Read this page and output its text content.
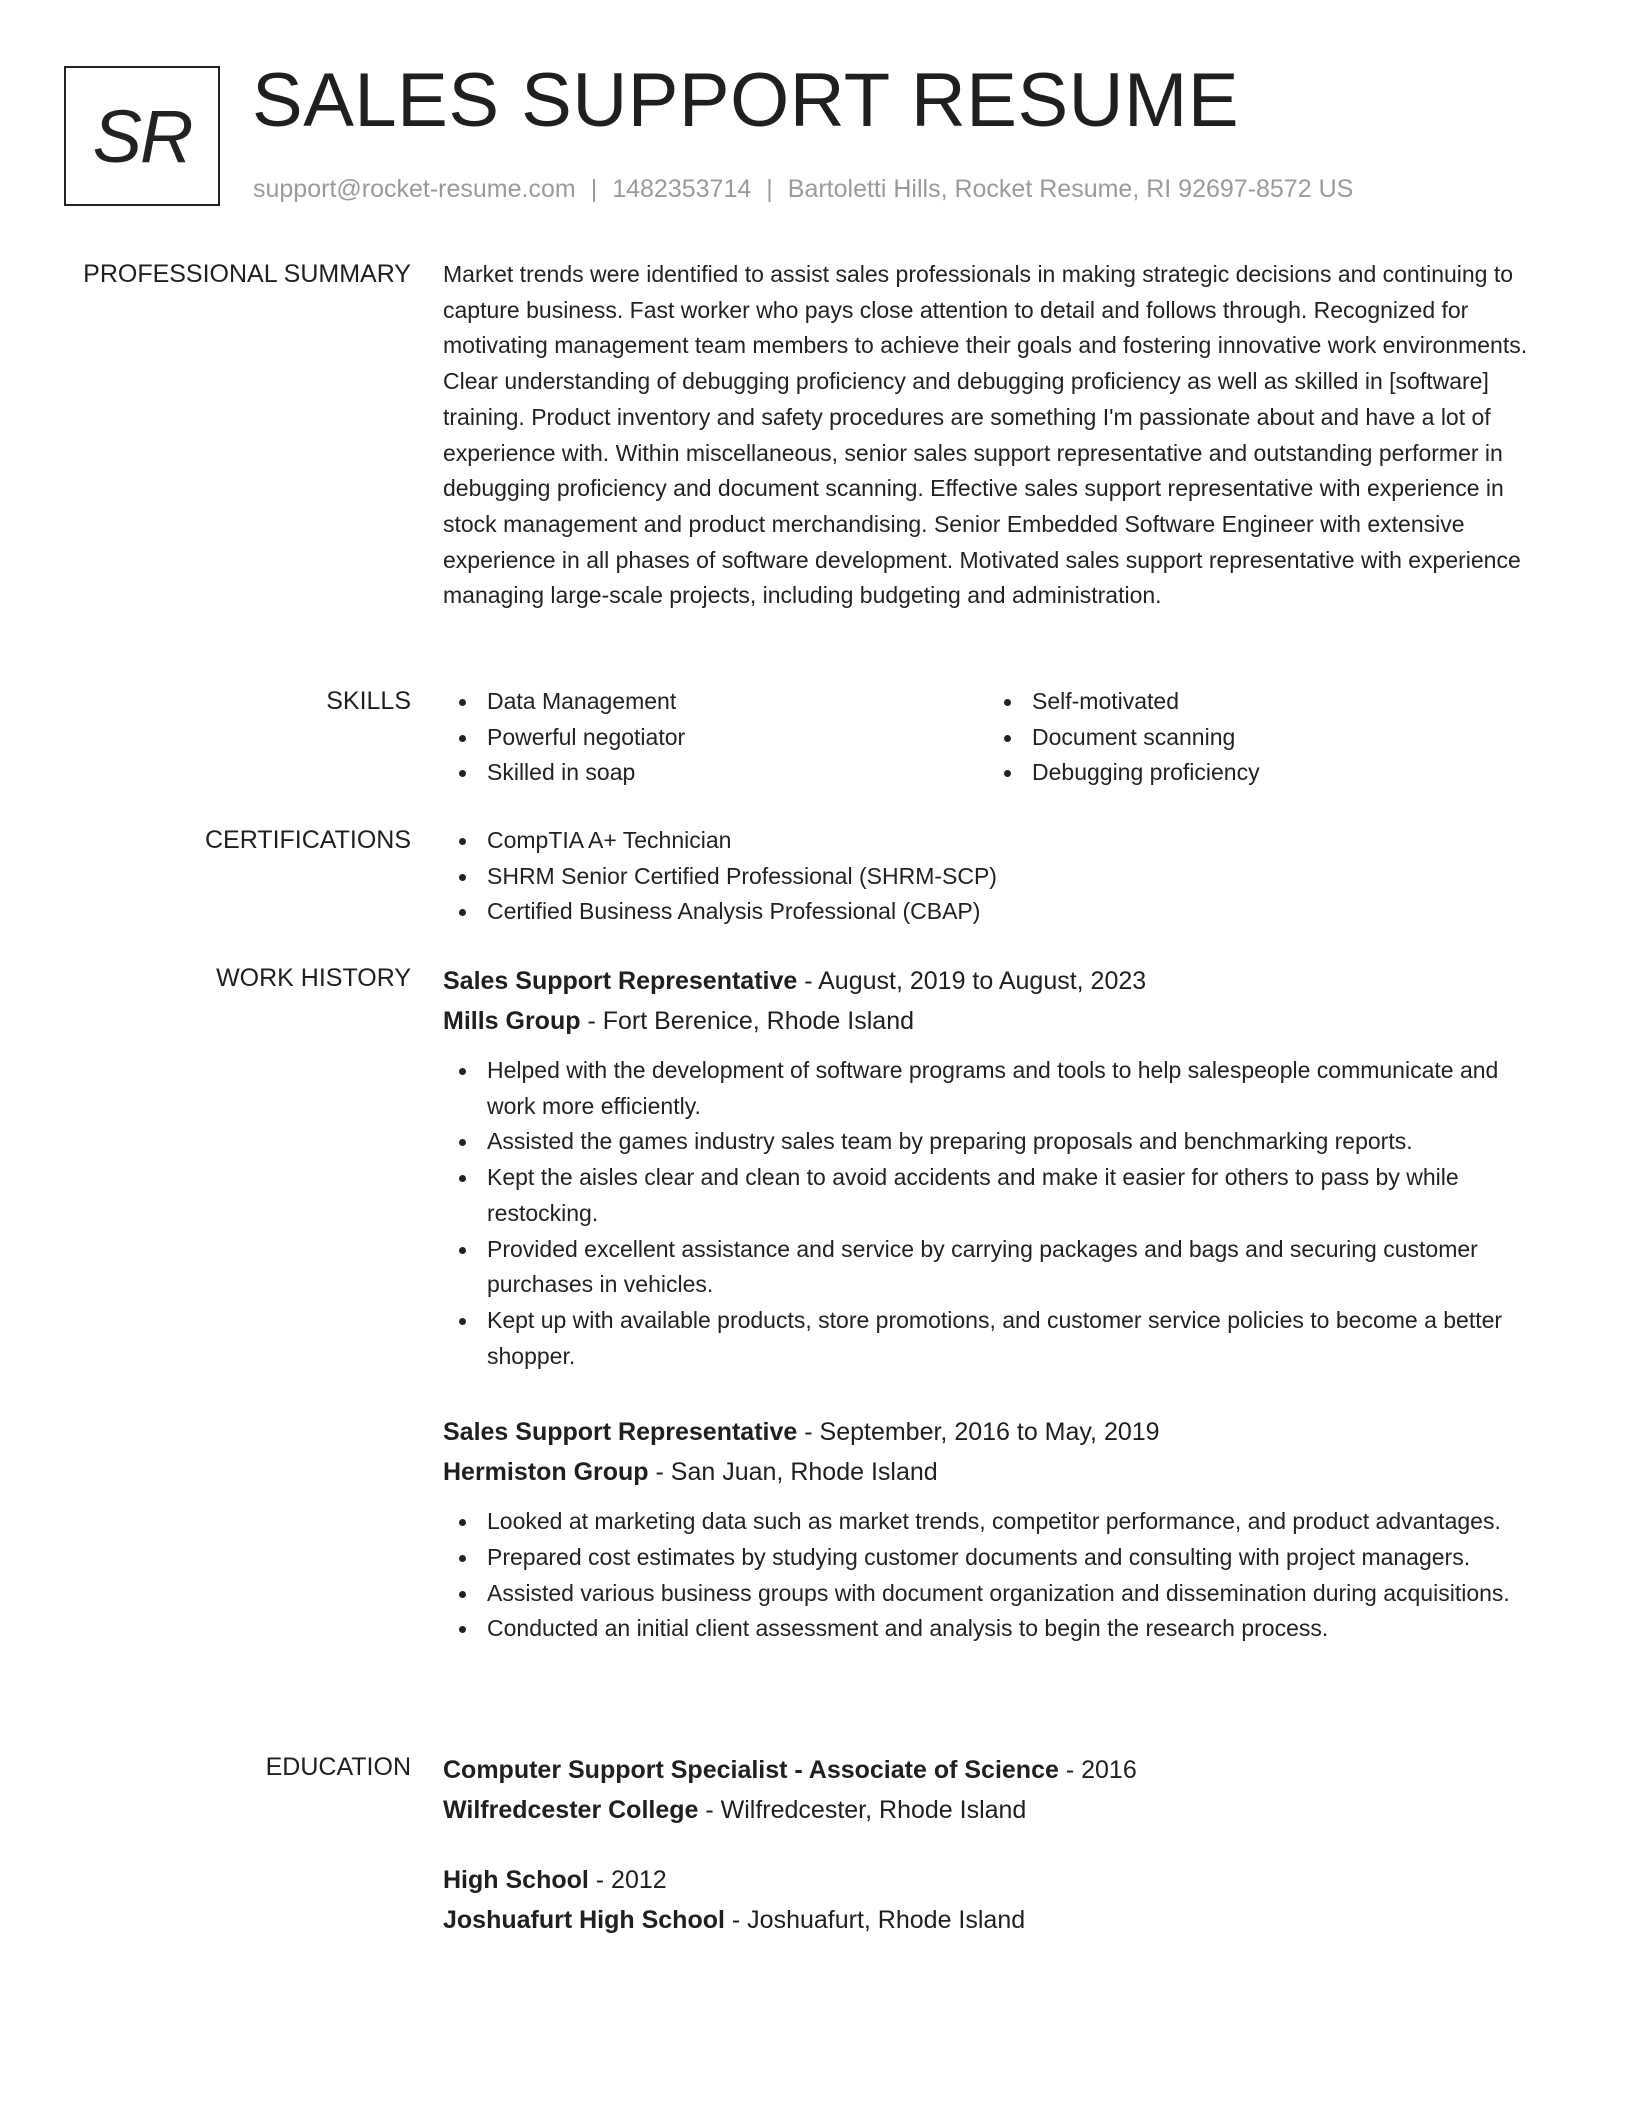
SR SALES SUPPORT RESUME
support@rocket-resume.com | 1482353714 | Bartoletti Hills, Rocket Resume, RI 92697-8572 US
PROFESSIONAL SUMMARY Market trends were identified to assist sales professionals in making strategic decisions and continuing to capture business. Fast worker who pays close attention to detail and follows through. Recognized for motivating management team members to achieve their goals and fostering innovative work environments. Clear understanding of debugging proficiency and debugging proficiency as well as skilled in [software] training. Product inventory and safety procedures are something I'm passionate about and have a lot of experience with. Within miscellaneous, senior sales support representative and outstanding performer in debugging proficiency and document scanning. Effective sales support representative with experience in stock management and product merchandising. Senior Embedded Software Engineer with extensive experience in all phases of software development. Motivated sales support representative with experience managing large-scale projects, including budgeting and administration.

SKILLS	Data Management
Powerful negotiator
Skilled in soap
Self-motivated
Document scanning
Debugging proficiency
CERTIFICATIONS	CompTIA A+ Technician
SHRM Senior Certified Professional (SHRM-SCP)
Certified Business Analysis Professional (CBAP)
WORK HISTORY Sales Support Representative - August, 2019 to August, 2023
Mills Group - Fort Berenice, Rhode Island
Helped with the development of software programs and tools to help salespeople communicate and work more efficiently.
Assisted the games industry sales team by preparing proposals and benchmarking reports.
Kept the aisles clear and clean to avoid accidents and make it easier for others to pass by while restocking.
Provided excellent assistance and service by carrying packages and bags and securing customer purchases in vehicles.
Kept up with available products, store promotions, and customer service policies to become a better shopper.
Sales Support Representative - September, 2016 to May, 2019
Hermiston Group - San Juan, Rhode Island
Looked at marketing data such as market trends, competitor performance, and product advantages.
Prepared cost estimates by studying customer documents and consulting with project managers.
Assisted various business groups with document organization and dissemination during acquisitions.
Conducted an initial client assessment and analysis to begin the research process.
EDUCATION Computer Support Specialist - Associate of Science - 2016
Wilfredcester College - Wilfredcester, Rhode Island
High School - 2012
Joshuafurt High School - Joshuafurt, Rhode Island
